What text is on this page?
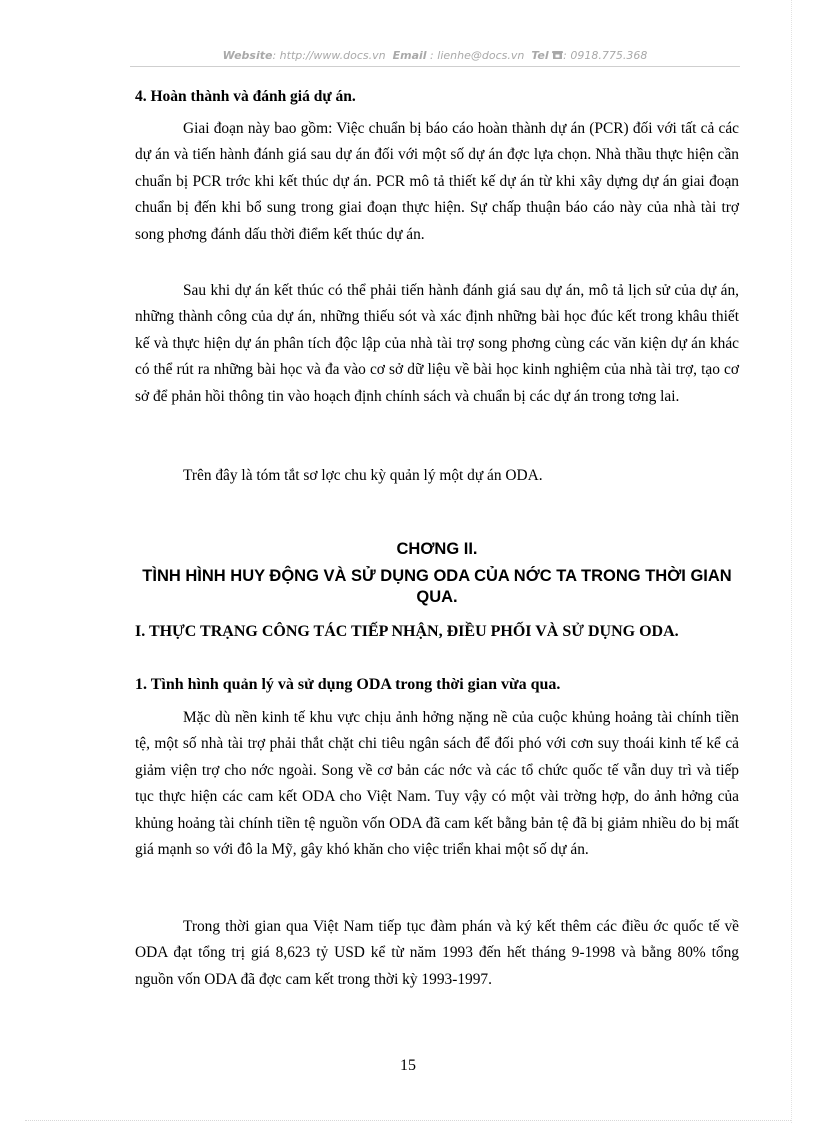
Website: http://www.docs.vn Email : lienhe@docs.vn Tel : 0918.775.368
4. Hoàn thành và đánh giá dự án.

Giai đoạn này bao gồm: Việc chuẩn bị báo cáo hoàn thành dự án (PCR) đối với tất cả các dự án và tiến hành đánh giá sau dự án đối với một số dự án đợc lựa chọn. Nhà thầu thực hiện cần chuẩn bị PCR trớc khi kết thúc dự án. PCR mô tả thiết kế dự án từ khi xây dựng dự án giai đoạn chuẩn bị đến khi bổ sung trong giai đoạn thực hiện. Sự chấp thuận báo cáo này của nhà tài trợ song phơng đánh dấu thời điểm kết thúc dự án.

Sau khi dự án kết thúc có thể phải tiến hành đánh giá sau dự án, mô tả lịch sử của dự án, những thành công của dự án, những thiếu sót và xác định những bài học đúc kết trong khâu thiết kế và thực hiện dự án phân tích độc lập của nhà tài trợ song phơng cùng các văn kiện dự án khác có thể rút ra những bài học và đa vào cơ sở dữ liệu về bài học kinh nghiệm của nhà tài trợ, tạo cơ sở để phản hồi thông tin vào hoạch định chính sách và chuẩn bị các dự án trong tơng lai.

Trên đây là tóm tắt sơ lợc chu kỳ quản lý một dự án ODA.

CHƠNG II.
TÌNH HÌNH HUY ĐỘNG VÀ SỬ DỤNG ODA CỦA NỚC TA TRONG THỜI GIAN QUA.
I. THỰC TRẠNG CÔNG TÁC TIẾP NHẬN, ĐIỀU PHỐI VÀ SỬ DỤNG ODA.
1. Tình hình quản lý và sử dụng ODA trong thời gian vừa qua.

Mặc dù nền kinh tế khu vực chịu ảnh hởng nặng nề của cuộc khủng hoảng tài chính tiền tệ, một số nhà tài trợ phải thắt chặt chi tiêu ngân sách để đối phó với cơn suy thoái kinh tế kể cả giảm viện trợ cho nớc ngoài. Song về cơ bản các nớc và các tổ chức quốc tế vẫn duy trì và tiếp tục thực hiện các cam kết ODA cho Việt Nam. Tuy vậy có một vài trờng hợp, do ảnh hởng của khủng hoảng tài chính tiền tệ nguồn vốn ODA đã cam kết bằng bản tệ đã bị giảm nhiều do bị mất giá mạnh so với đô la Mỹ, gây khó khăn cho việc triển khai một số dự án.

Trong thời gian qua Việt Nam tiếp tục đàm phán và ký kết thêm các điều ớc quốc tế về ODA đạt tổng trị giá 8,623 tỷ USD kể từ năm 1993 đến hết tháng 9-1998 và bằng 80% tổng nguồn vốn ODA đã đợc cam kết trong thời kỳ 1993-1997.

15
